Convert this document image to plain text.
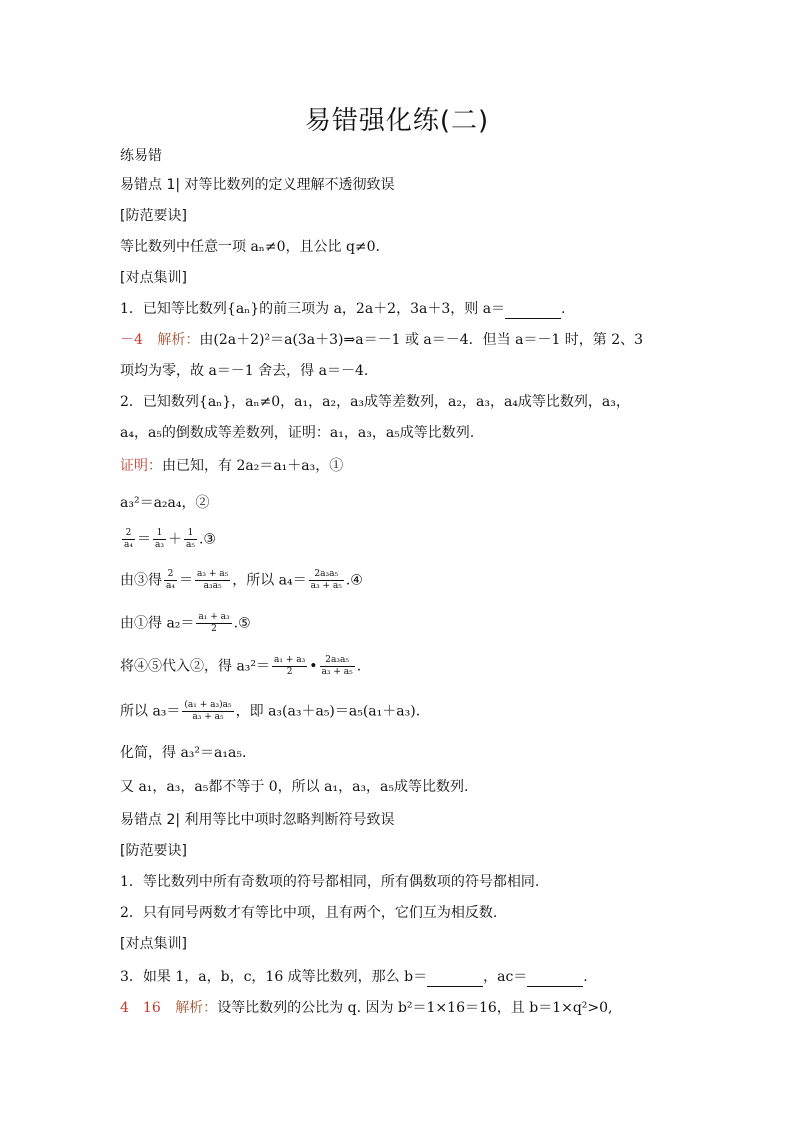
易错强化练(二)
练易错
易错点 1| 对等比数列的定义理解不透彻致误
[防范要诀]
等比数列中任意一项 aₙ≠0，且公比 q≠0.
[对点集训]
1．已知等比数列{aₙ}的前三项为 a，2a＋2，3a＋3，则 a＝	.
－4 解析：由(2a＋2)²＝a(3a＋3)⇒a＝－1 或 a＝－4．但当 a＝－1 时，第 2、3
项均为零，故 a＝－1 舍去，得 a＝－4.
2．已知数列{aₙ}，aₙ≠0，a₁，a₂，a₃成等差数列，a₂，a₃，a₄成等比数列，a₃，
a₄，a₅的倒数成等差数列，证明：a₁，a₃，a₅成等比数列.
证明：由已知，有 2a₂＝a₁＋a₃，①
a₃²＝a₂a₄，②
$\frac{2}{\text{a₄}} = \frac{1}{\text{a₃}} + \frac{1}{\text{a₅}}$ .③
由③得 $\frac{2}{\text{a₄}} = \frac{\text{a₃ + a₅}}{\text{a₃a₅}}$ ，所以 $a_4= \frac{\text{2a₃a₅}}{\text{a₃ + a₅}}$ .④
由①得 $a_2= \frac{\text{a₁ + a₃}}{2}$ .⑤
将④⑤代入②，得 $a_3^2= \frac{\text{a₁ + a₃}}{2}$ • $\frac{\text{2a₃a₅}}{\text{a₃ + a₅}}$ .
所以 $a_3= \frac{\text{(a₁ + a₃)a₅}}{\text{a₃ + a₅}}$ ，即 a₃(a₃＋a₅)＝a₅(a₁＋a₃).
化简，得 a₃²＝a₁a₅.
又 a₁，a₃，a₅都不等于 0，所以 a₁，a₃，a₅成等比数列.
易错点 2| 利用等比中项时忽略判断符号致误
[防范要诀]
1．等比数列中所有奇数项的符号都相同，所有偶数项的符号都相同.
2．只有同号两数才有等比中项，且有两个，它们互为相反数.
[对点集训]
3．如果 1，a，b，c，16 成等比数列，那么 b＝	，ac＝	.
4　16 解析：设等比数列的公比为 q. 因为 b²＝1×16＝16，且 b＝1×q²>0,
